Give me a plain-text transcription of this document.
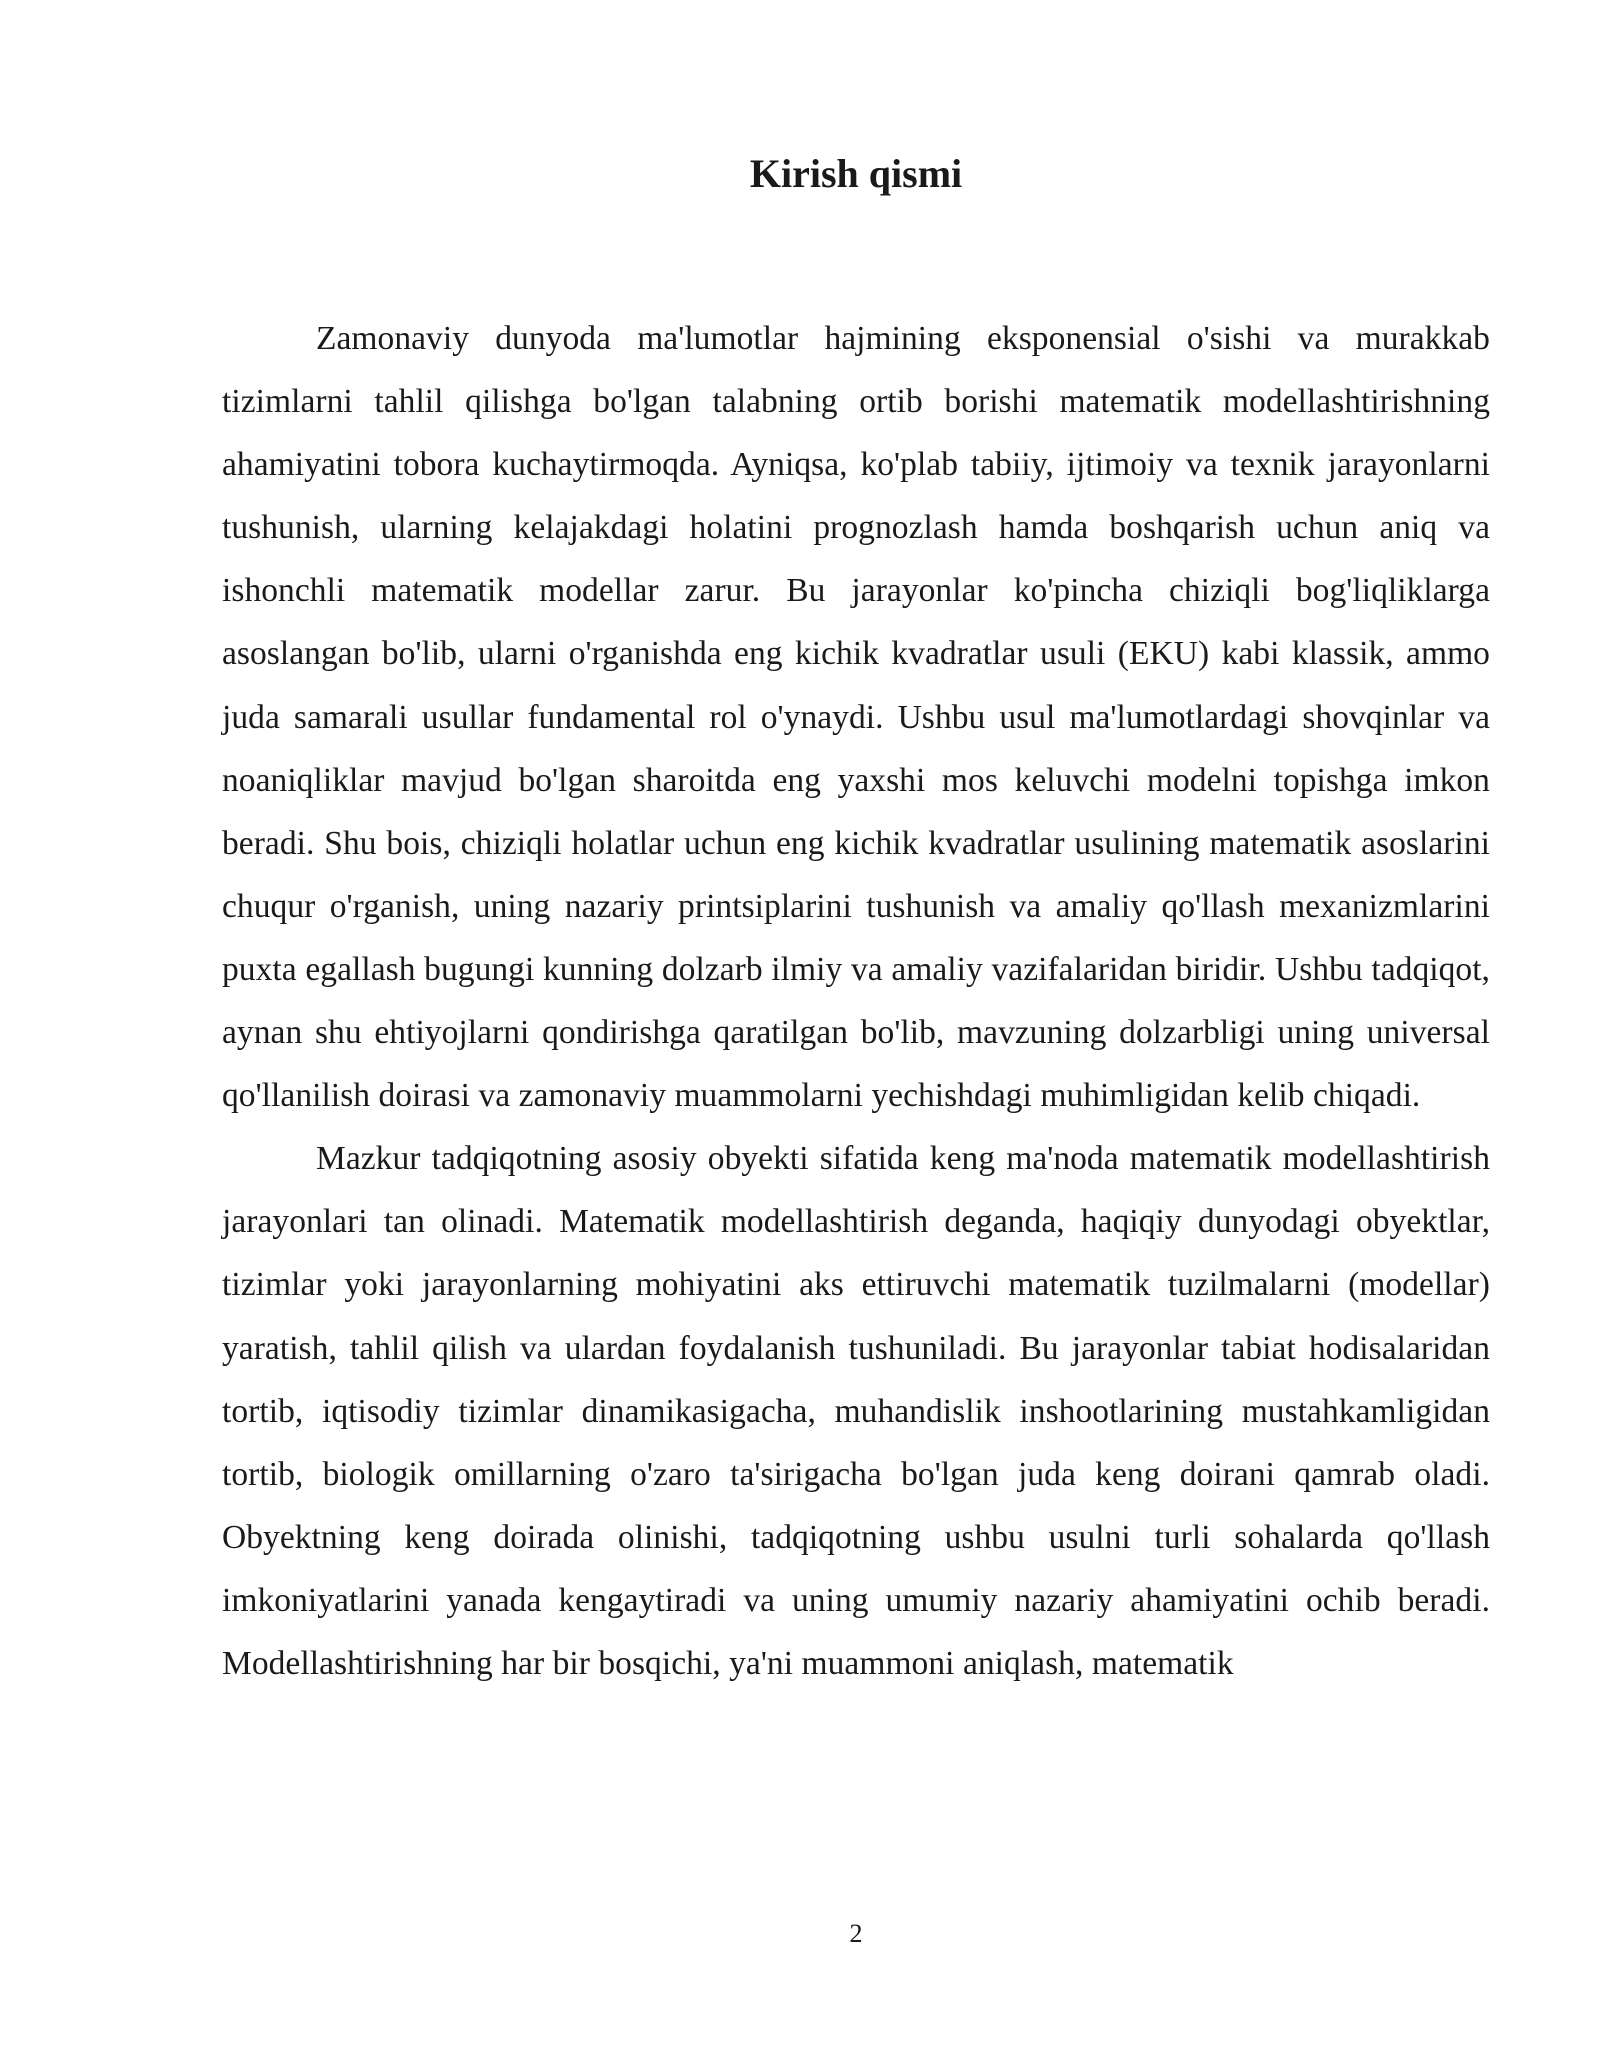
Kirish qismi

Zamonaviy dunyoda ma'lumotlar hajmining eksponensial o'sishi va murakkab tizimlarni tahlil qilishga bo'lgan talabning ortib borishi matematik modellashtirishning ahamiyatini tobora kuchaytirmoqda. Ayniqsa, ko'plab tabiiy, ijtimoiy va texnik jarayonlarni tushunish, ularning kelajakdagi holatini prognozlash hamda boshqarish uchun aniq va ishonchli matematik modellar zarur. Bu jarayonlar ko'pincha chiziqli bog'liqliklarga asoslangan bo'lib, ularni o'rganishda eng kichik kvadratlar usuli (EKU) kabi klassik, ammo juda samarali usullar fundamental rol o'ynaydi. Ushbu usul ma'lumotlardagi shovqinlar va noaniqliklar mavjud bo'lgan sharoitda eng yaxshi mos keluvchi modelni topishga imkon beradi. Shu bois, chiziqli holatlar uchun eng kichik kvadratlar usulining matematik asoslarini chuqur o'rganish, uning nazariy printsiplarini tushunish va amaliy qo'llash mexanizmlarini puxta egallash bugungi kunning dolzarb ilmiy va amaliy vazifalaridan biridir. Ushbu tadqiqot, aynan shu ehtiyojlarni qondirishga qaratilgan bo'lib, mavzuning dolzarbligi uning universal qo'llanilish doirasi va zamonaviy muammolarni yechishdagi muhimligidan kelib chiqadi.

Mazkur tadqiqotning asosiy obyekti sifatida keng ma'noda matematik modellashtirish jarayonlari tan olinadi. Matematik modellashtirish deganda, haqiqiy dunyodagi obyektlar, tizimlar yoki jarayonlarning mohiyatini aks ettiruvchi matematik tuzilmalarni (modellar) yaratish, tahlil qilish va ulardan foydalanish tushuniladi. Bu jarayonlar tabiat hodisalaridan tortib, iqtisodiy tizimlar dinamikasigacha, muhandislik inshootlarining mustahkamligidan tortib, biologik omillarning o'zaro ta'sirigacha bo'lgan juda keng doirani qamrab oladi. Obyektning keng doirada olinishi, tadqiqotning ushbu usulni turli sohalarda qo'llash imkoniyatlarini yanada kengaytiradi va uning umumiy nazariy ahamiyatini ochib beradi. Modellashtirishning har bir bosqichi, ya'ni muammoni aniqlash, matematik

2
